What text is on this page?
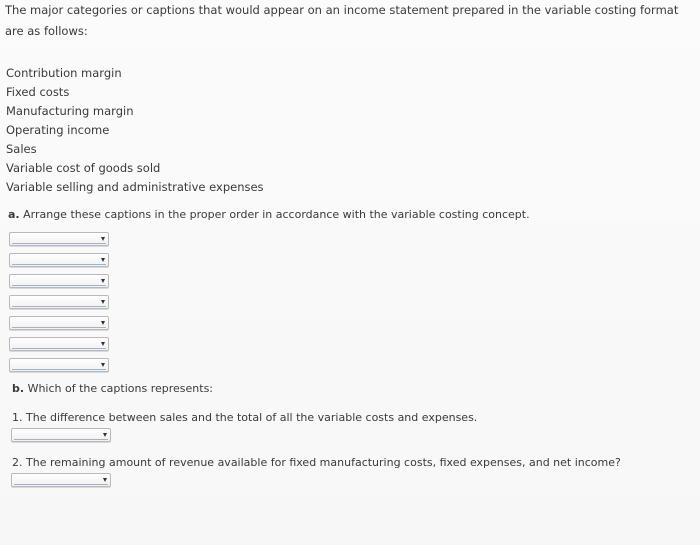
The major categories or captions that would appear on an income statement prepared in the variable costing format are as follows:
Contribution margin
Fixed costs
Manufacturing margin
Operating income
Sales
Variable cost of goods sold
Variable selling and administrative expenses
a. Arrange these captions in the proper order in accordance with the variable costing concept.
b. Which of the captions represents:
1. The difference between sales and the total of all the variable costs and expenses.
2. The remaining amount of revenue available for fixed manufacturing costs, fixed expenses, and net income?
